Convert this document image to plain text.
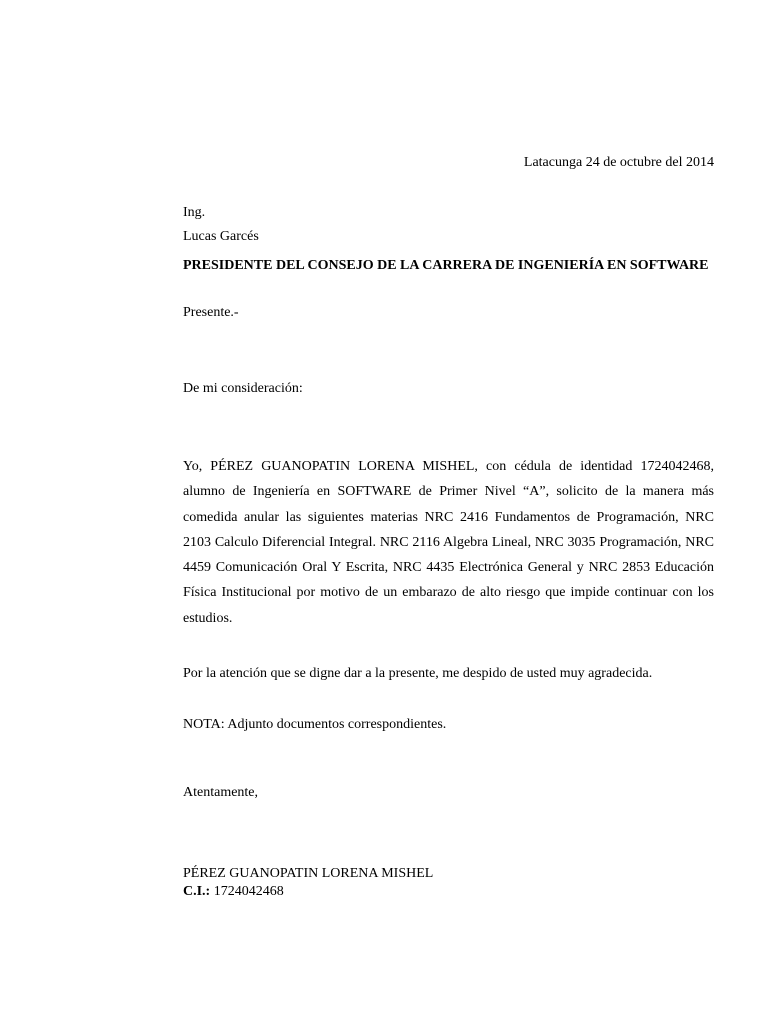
Latacunga 24 de octubre del 2014
Ing.
Lucas Garcés
PRESIDENTE DEL CONSEJO DE LA CARRERA DE INGENIERÍA EN SOFTWARE
Presente.-
De mi consideración:
Yo, PÉREZ GUANOPATIN LORENA MISHEL, con cédula de identidad 1724042468, alumno de Ingeniería en SOFTWARE de Primer Nivel “A”, solicito de la manera más comedida anular las siguientes materias NRC 2416 Fundamentos de Programación, NRC 2103 Calculo Diferencial Integral. NRC 2116 Algebra Lineal, NRC 3035 Programación, NRC 4459 Comunicación Oral Y Escrita, NRC 4435 Electrónica General y NRC 2853 Educación Física Institucional por motivo de un embarazo de alto riesgo que impide continuar con los estudios.
Por la atención que se digne dar a la presente, me despido de usted muy agradecida.
NOTA: Adjunto documentos correspondientes.
Atentamente,
PÉREZ GUANOPATIN LORENA MISHEL
C.I.: 1724042468
